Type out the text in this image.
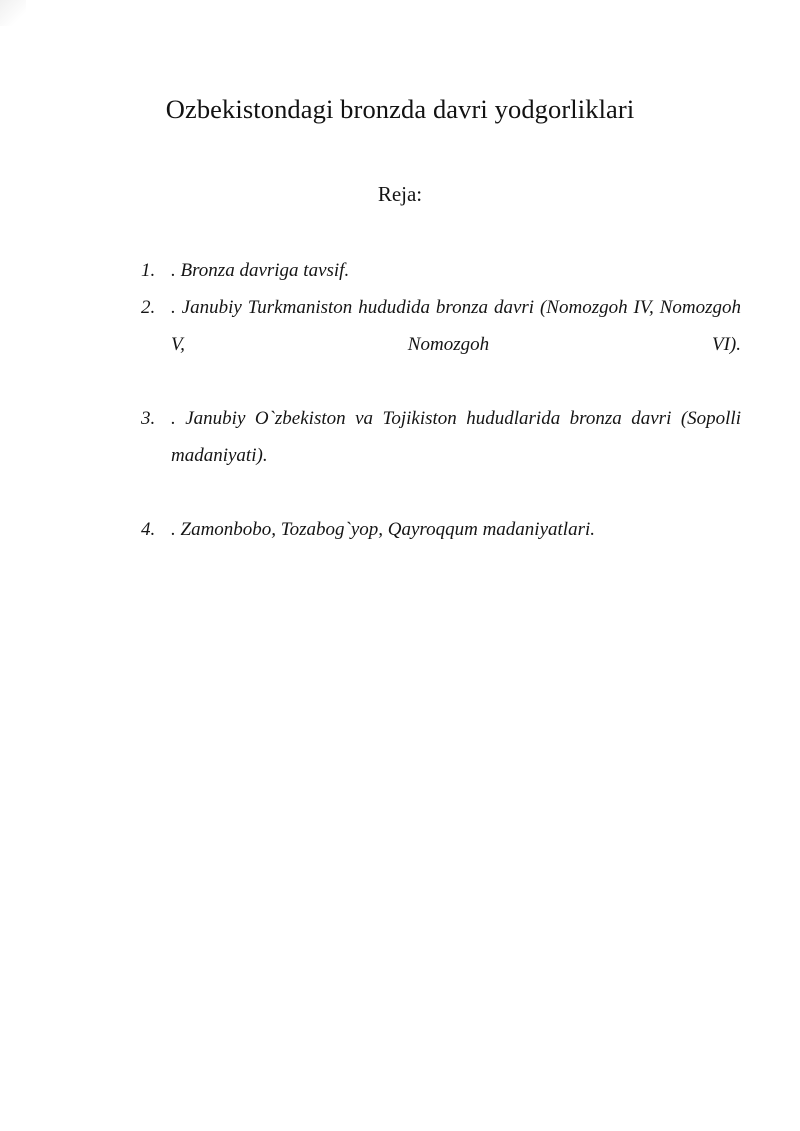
Ozbekistondagi bronzda davri yodgorliklari
Reja:
1. . Bronza davriga tavsif.
2. . Janubiy Turkmaniston hududida bronza davri (Nomozgoh IV, Nomozgoh V, Nomozgoh VI).
3. . Janubiy O`zbekiston va Tojikiston hududlarida bronza davri (Sopolli madaniyati).
4. . Zamonbobo, Tozabog`yop, Qayroqqum madaniyatlari.
